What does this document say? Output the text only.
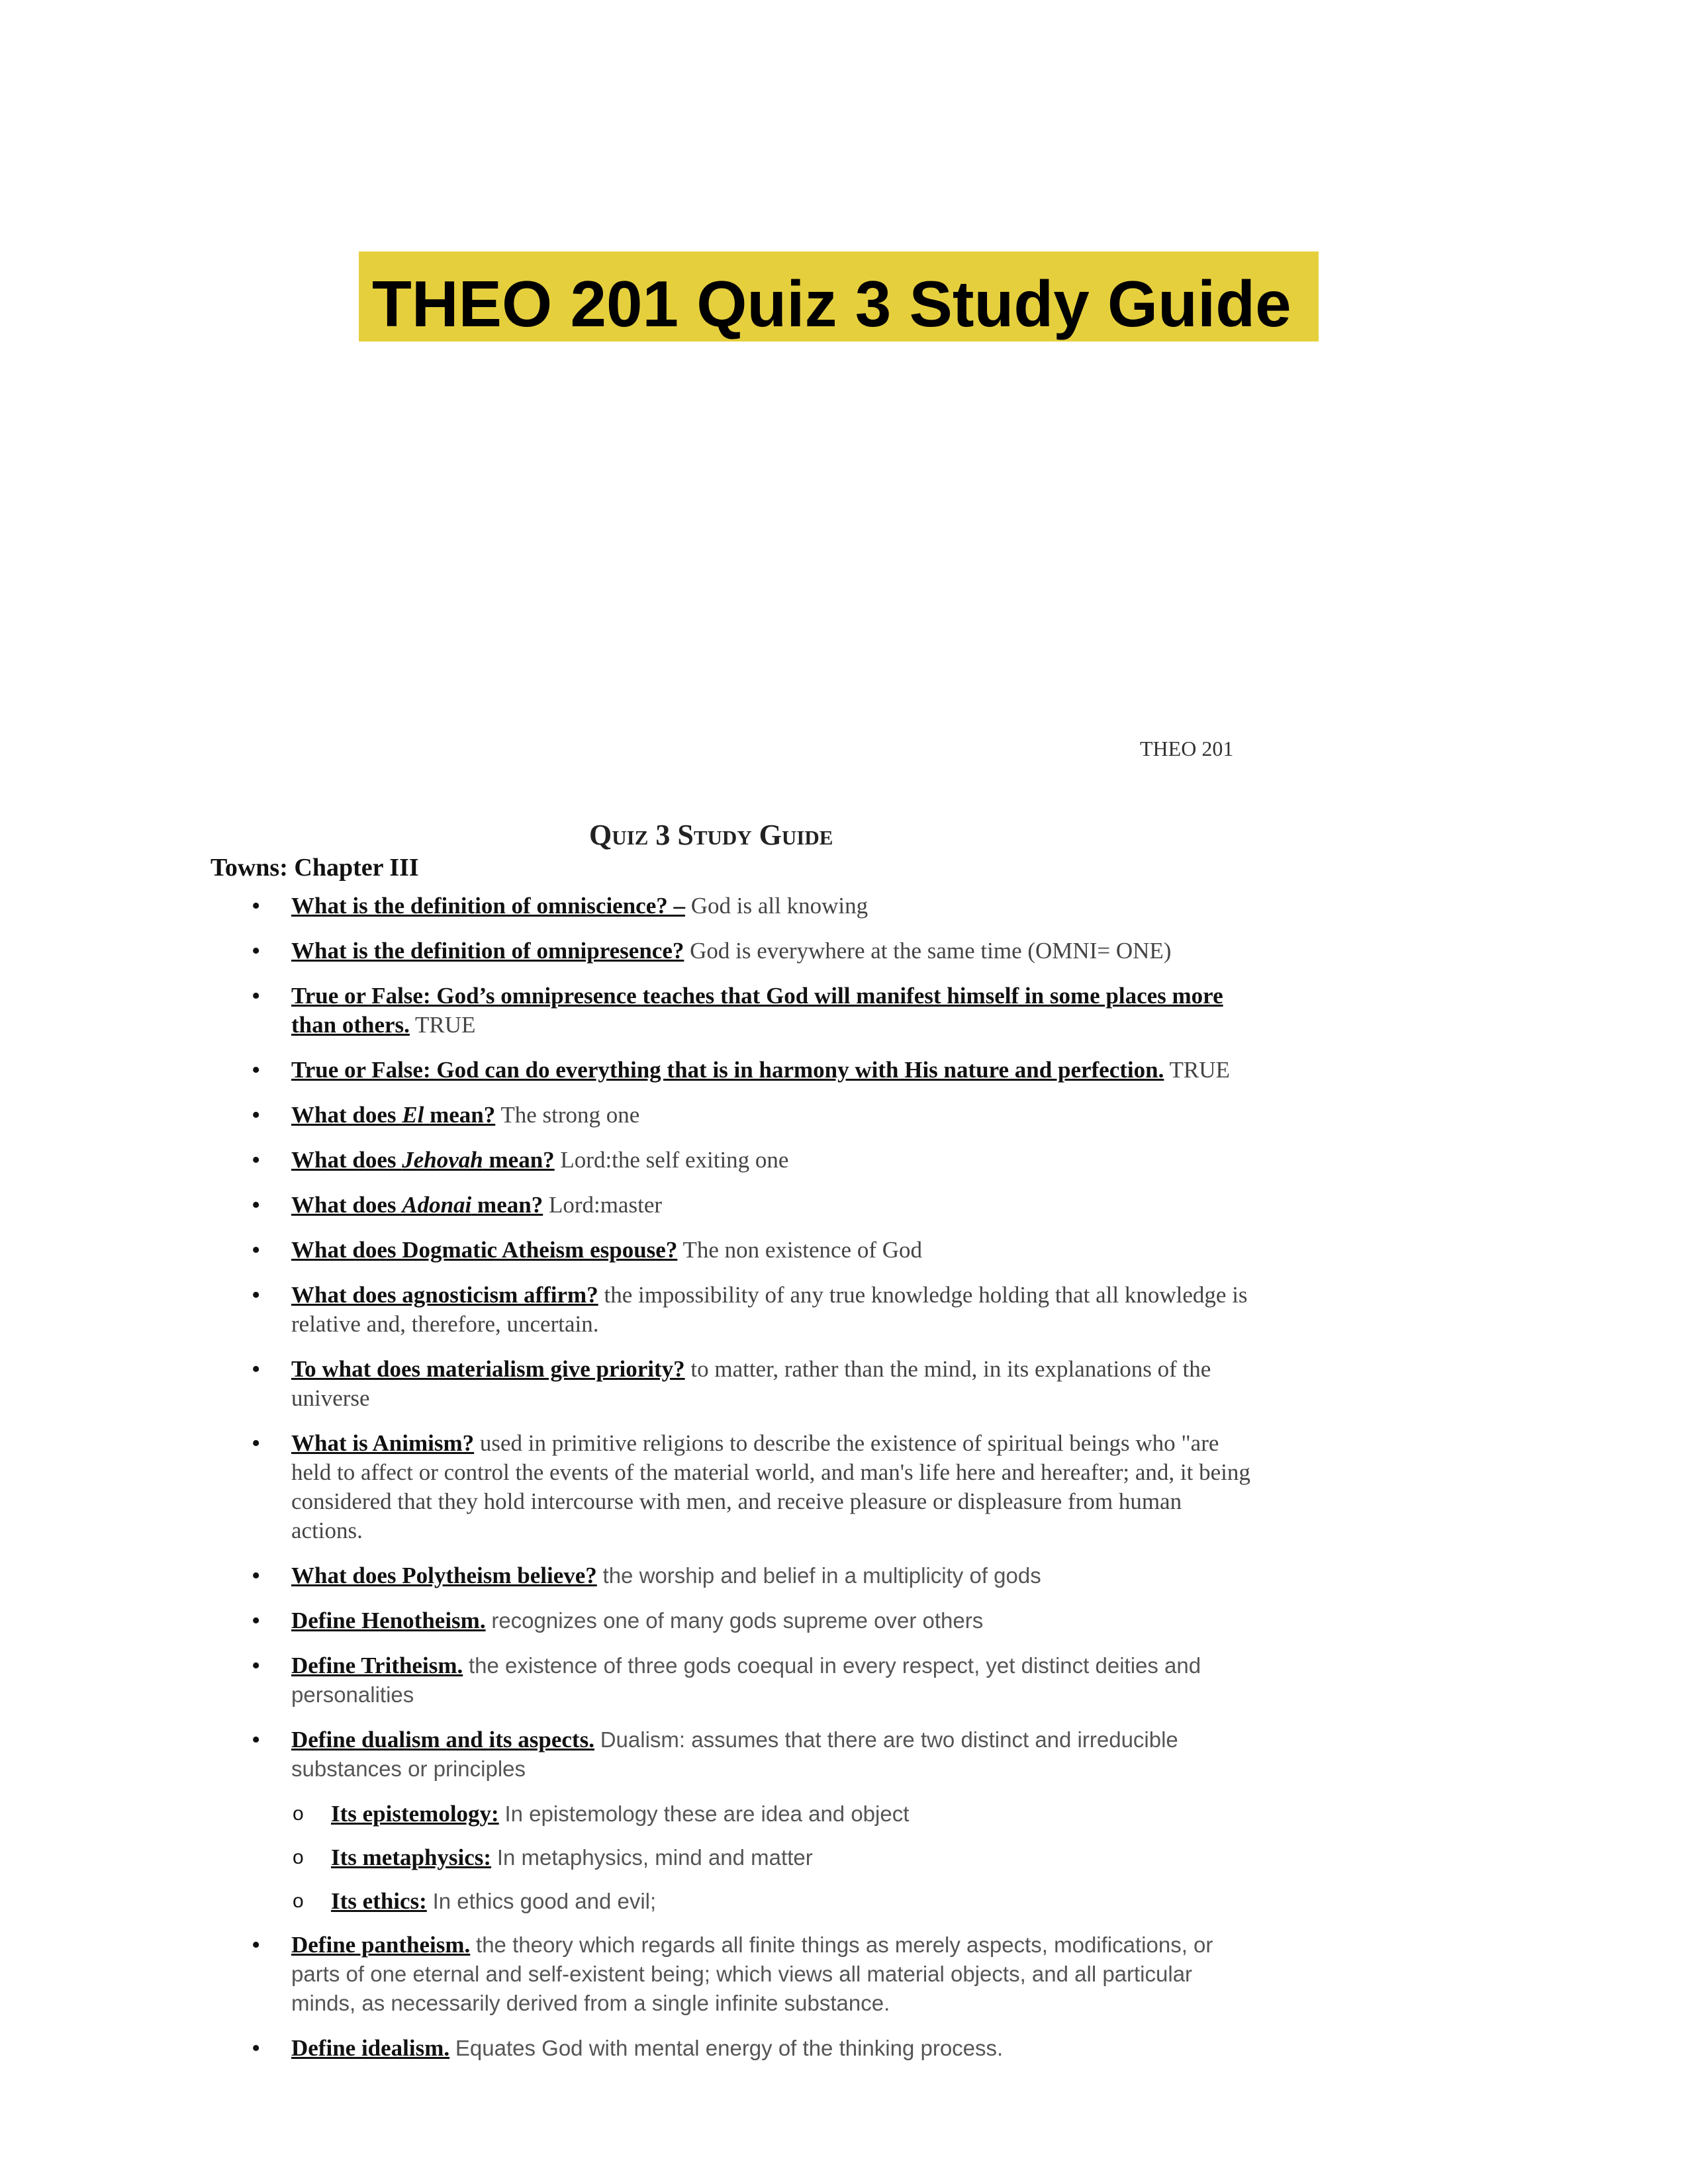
THEO 201 Quiz 3 Study Guide
THEO 201
Quiz 3 Study Guide
Towns: Chapter III
• What is the definition of omniscience? – God is all knowing
• What is the definition of omnipresence? God is everywhere at the same time (OMNI= ONE)
• True or False: God’s omnipresence teaches that God will manifest himself in some places more than others. TRUE
• True or False: God can do everything that is in harmony with His nature and perfection. TRUE
• What does El mean? The strong one
• What does Jehovah mean? Lord:the self exiting one
• What does Adonai mean? Lord:master
• What does Dogmatic Atheism espouse? The non existence of God
• What does agnosticism affirm? the impossibility of any true knowledge holding that all knowledge is relative and, therefore, uncertain.
• To what does materialism give priority? to matter, rather than the mind, in its explanations of the universe
• What is Animism? used in primitive religions to describe the existence of spiritual beings who "are held to affect or control the events of the material world, and man's life here and hereafter; and, it being considered that they hold intercourse with men, and receive pleasure or displeasure from human actions.
• What does Polytheism believe? the worship and belief in a multiplicity of gods
• Define Henotheism. recognizes one of many gods supreme over others
• Define Tritheism. the existence of three gods coequal in every respect, yet distinct deities and personalities
• Define dualism and its aspects. Dualism: assumes that there are two distinct and irreducible substances or principles
o Its epistemology: In epistemology these are idea and object
o Its metaphysics: In metaphysics, mind and matter
o Its ethics: In ethics good and evil;
• Define pantheism. the theory which regards all finite things as merely aspects, modifications, or parts of one eternal and self-existent being; which views all material objects, and all particular minds, as necessarily derived from a single infinite substance.
• Define idealism. Equates God with mental energy of the thinking process.
